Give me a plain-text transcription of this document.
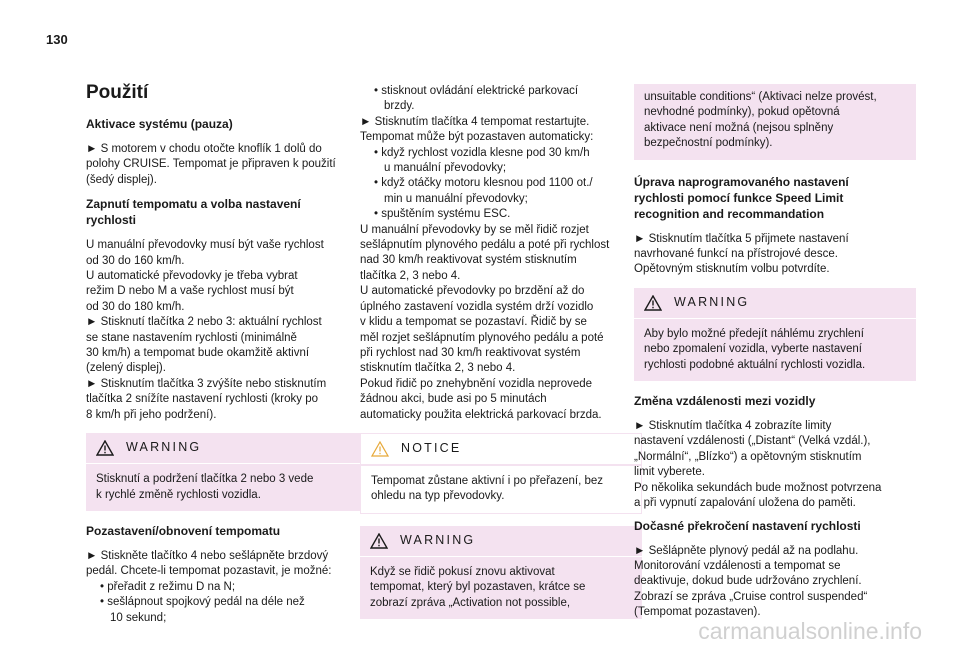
130
Použití
Aktivace systému (pauza)
► S motorem v chodu otočte knoflík 1 dolů do
polohy CRUISE. Tempomat je připraven k použití
(šedý displej).
Zapnutí tempomatu a volba nastavení
rychlosti
U manuální převodovky musí být vaše rychlost
od 30 do 160 km/h.
U automatické převodovky je třeba vybrat
režim D nebo M a vaše rychlost musí být
od 30 do 180 km/h.
► Stisknutí tlačítka 2 nebo 3: aktuální rychlost
se stane nastavením rychlosti (minimálně
30 km/h) a tempomat bude okamžitě aktivní
(zelený displej).
► Stisknutím tlačítka 3 zvýšíte nebo stisknutím
tlačítka 2 snížíte nastavení rychlosti (kroky po
8 km/h při jeho podržení).
WARNING
Stisknutí a podržení tlačítka 2 nebo 3 vede
k rychlé změně rychlosti vozidla.
Pozastavení/obnovení tempomatu
► Stiskněte tlačítko 4 nebo sešlápněte brzdový
pedál. Chcete-li tempomat pozastavit, je možné:
• přeřadit z režimu D na N;
• sešlápnout spojkový pedál na déle než
10 sekund;
• stisknout ovládání elektrické parkovací
brzdy.
► Stisknutím tlačítka 4 tempomat restartujte.
Tempomat může být pozastaven automaticky:
• když rychlost vozidla klesne pod 30 km/h
u manuální převodovky;
• když otáčky motoru klesnou pod 1100 ot./
min u manuální převodovky;
• spuštěním systému ESC.
U manuální převodovky by se měl řidič rozjet
sešlápnutím plynového pedálu a poté při rychlost
nad 30 km/h reaktivovat systém stisknutím
tlačítka 2, 3 nebo 4.
U automatické převodovky po brzdění až do
úplného zastavení vozidla systém drží vozidlo
v klidu a tempomat se pozastaví. Řidič by se
měl rozjet sešlápnutím plynového pedálu a poté
při rychlost nad 30 km/h reaktivovat systém
stisknutím tlačítka 2, 3 nebo 4.
Pokud řidič po znehybnění vozidla neprovede
žádnou akci, bude asi po 5 minutách
automaticky použita elektrická parkovací brzda.
NOTICE
Tempomat zůstane aktivní i po přeřazení, bez
ohledu na typ převodovky.
WARNING
Když se řidič pokusí znovu aktivovat
tempomat, který byl pozastaven, krátce se
zobrazí zpráva „Activation not possible,
unsuitable conditions“ (Aktivaci nelze provést,
nevhodné podmínky), pokud opětovná
aktivace není možná (nejsou splněny
bezpečnostní podmínky).
Úprava naprogramovaného nastavení
rychlosti pomocí funkce Speed Limit
recognition and recommandation
► Stisknutím tlačítka 5 přijmete nastavení
navrhované funkcí na přístrojové desce.
Opětovným stisknutím volbu potvrdíte.
WARNING
Aby bylo možné předejít náhlému zrychlení
nebo zpomalení vozidla, vyberte nastavení
rychlosti podobné aktuální rychlosti vozidla.
Změna vzdálenosti mezi vozidly
► Stisknutím tlačítka 4 zobrazíte limity
nastavení vzdálenosti („Distant“ (Velká vzdál.),
„Normální“, „Blízko“) a opětovným stisknutím
limit vyberete.
Po několika sekundách bude možnost potvrzena
a při vypnutí zapalování uložena do paměti.
Dočasné překročení nastavení rychlosti
► Sešlápněte plynový pedál až na podlahu.
Monitorování vzdálenosti a tempomat se
deaktivuje, dokud bude udržováno zrychlení.
Zobrazí se zpráva „Cruise control suspended“
(Tempomat pozastaven).
carmanualsonline.info
